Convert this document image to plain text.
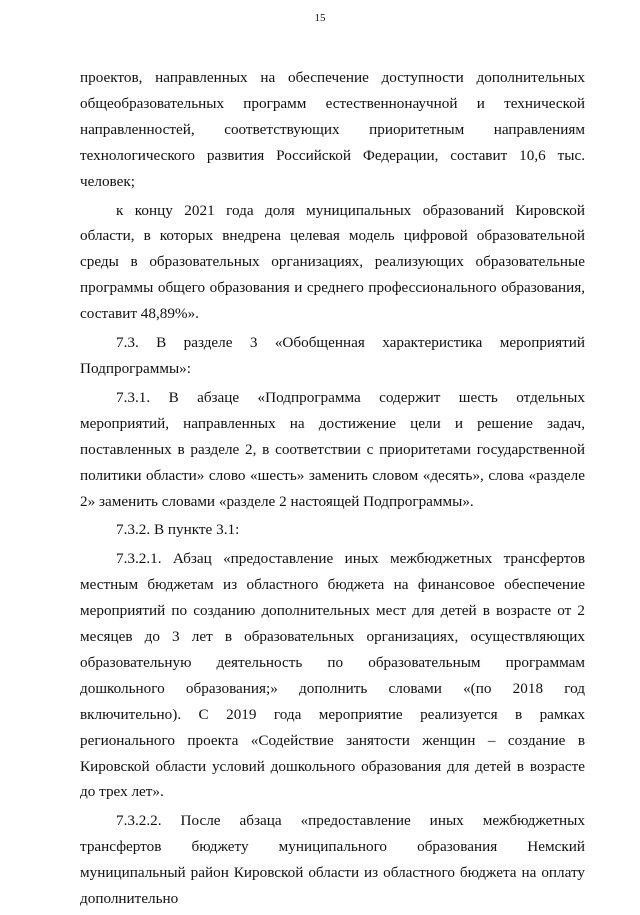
15

проектов, направленных на обеспечение доступности дополнительных общеобразовательных программ естественнонаучной и технической направленностей, соответствующих приоритетным направлениям технологического развития Российской Федерации, составит 10,6 тыс. человек;

к концу 2021 года доля муниципальных образований Кировской области, в которых внедрена целевая модель цифровой образовательной среды в образовательных организациях, реализующих образовательные программы общего образования и среднего профессионального образования, составит 48,89%».

7.3. В разделе 3 «Обобщенная характеристика мероприятий Подпрограммы»:

7.3.1. В абзаце «Подпрограмма содержит шесть отдельных мероприятий, направленных на достижение цели и решение задач, поставленных в разделе 2, в соответствии с приоритетами государственной политики области» слово «шесть» заменить словом «десять», слова «разделе 2» заменить словами «разделе 2 настоящей Подпрограммы».

7.3.2. В пункте 3.1:

7.3.2.1. Абзац «предоставление иных межбюджетных трансфертов местным бюджетам из областного бюджета на финансовое обеспечение мероприятий по созданию дополнительных мест для детей в возрасте от 2 месяцев до 3 лет в образовательных организациях, осуществляющих образовательную деятельность по образовательным программам дошкольного образования;» дополнить словами «(по 2018 год включительно). С 2019 года мероприятие реализуется в рамках регионального проекта «Содействие занятости женщин – создание в Кировской области условий дошкольного образования для детей в возрасте до трех лет».

7.3.2.2. После абзаца «предоставление иных межбюджетных трансфертов бюджету муниципального образования Немский муниципальный район Кировской области из областного бюджета на оплату дополнительно
